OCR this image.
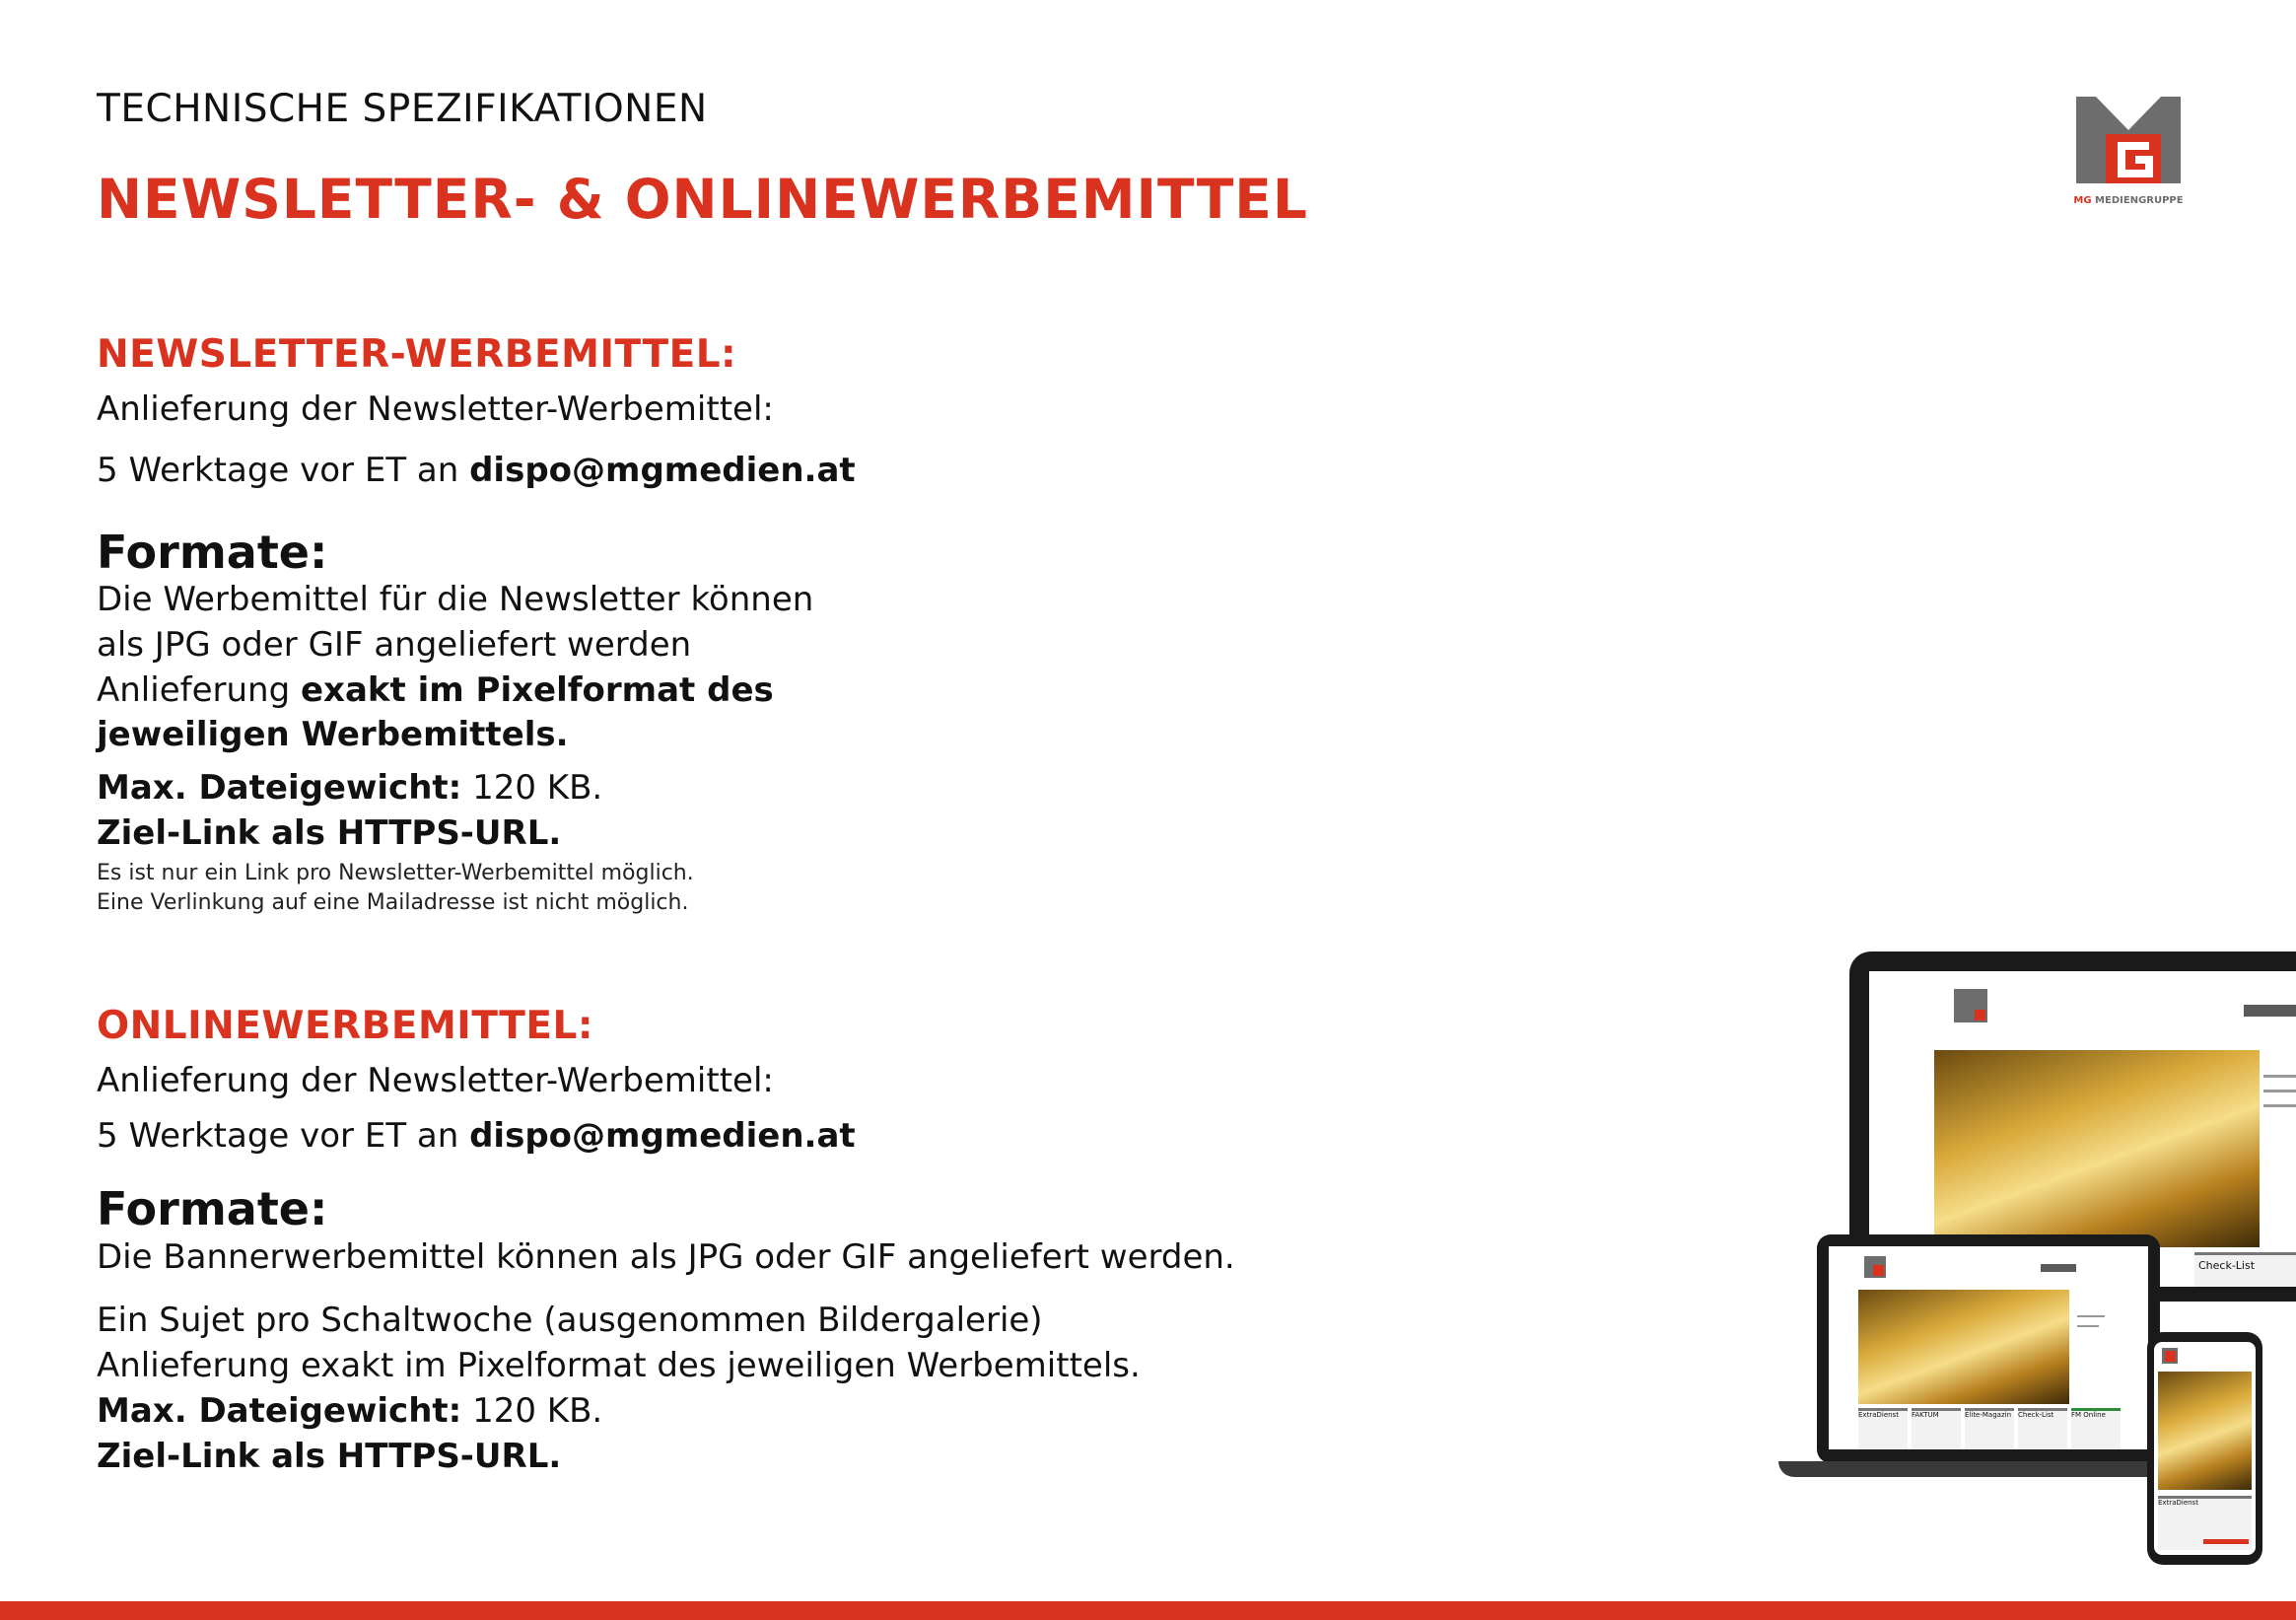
TECHNISCHE SPEZIFIKATIONEN

NEWSLETTER- & ONLINEWERBEMITTEL	MG MEDIENGRUPPE
NEWSLETTER-WERBEMITTEL:

Anlieferung der Newsletter-Werbemittel:

5 Werktage vor ET an dispo@mgmedien.at

Formate:

Die Werbemittel für die Newsletter können

als JPG oder GIF angeliefert werden

Anlieferung exakt im Pixelformat des

jeweiligen Werbemittels.

Max. Dateigewicht: 120 KB.

Ziel-Link als HTTPS-URL.

Es ist nur ein Link pro Newsletter-Werbemittel möglich.

Eine Verlinkung auf eine Mailadresse ist nicht möglich.

ONLINEWERBEMITTEL:

Anlieferung der Newsletter-Werbemittel:

5 Werktage vor ET an dispo@mgmedien.at

Formate:

Die Bannerwerbemittel können als JPG oder GIF angeliefert werden.

Ein Sujet pro Schaltwoche (ausgenommen Bildergalerie)

Anlieferung exakt im Pixelformat des jeweiligen Werbemittels.

Max. Dateigewicht: 120 KB.

Ziel-Link als HTTPS-URL.

Check-List
ExtraDienst	FAKTUM	Elite-Magazin Check-List	FM Online
ExtraDienst
